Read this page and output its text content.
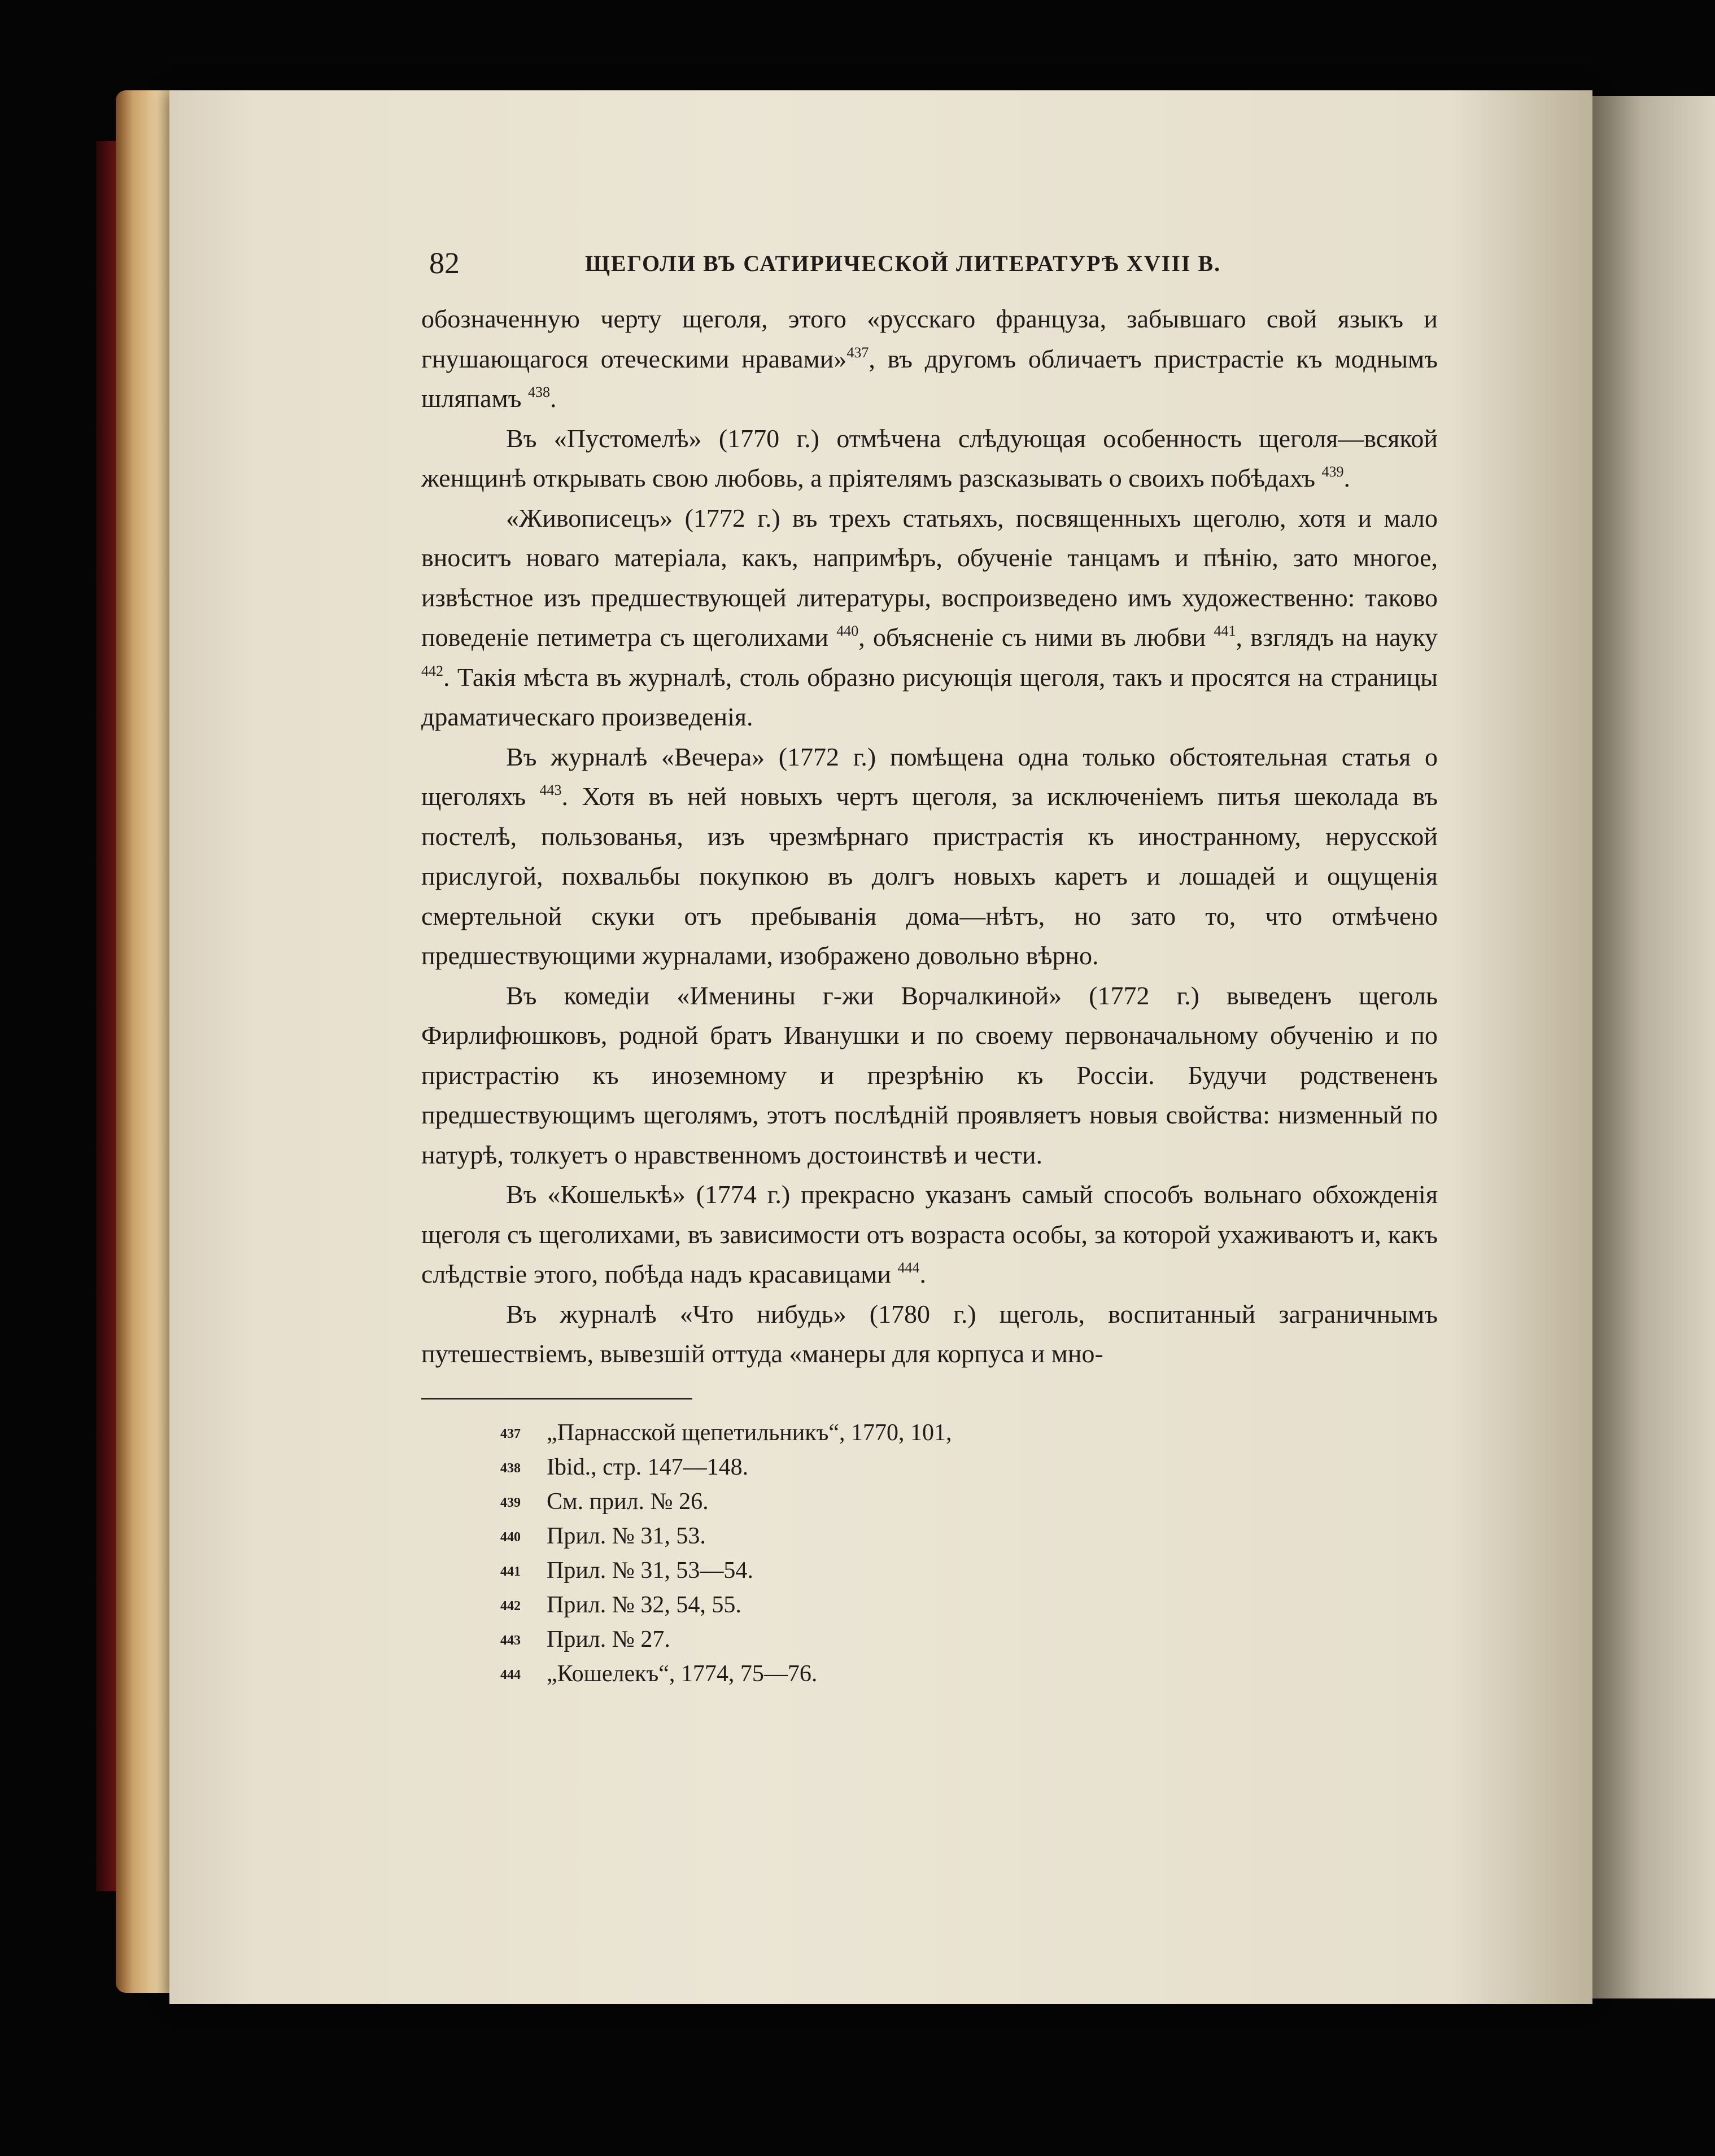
82	ЩЕГОЛИ ВЪ САТИРИЧЕСКОЙ ЛИТЕРАТУРѢ XVIII В.

обозначенную черту щеголя, этого «русскаго француза, забывшаго свой языкъ и гнушающагося отеческими нравами»$^{437}$, въ другомъ обличаетъ пристрастіе къ моднымъ шляпамъ $^{438}$.

Въ «Пустомелѣ» (1770 г.) отмѣчена слѣдующая особенность щеголя—всякой женщинѣ открывать свою любовь, а пріятелямъ разсказывать о своихъ побѣдахъ $^{439}$.

«Живописецъ» (1772 г.) въ трехъ статьяхъ, посвященныхъ щеголю, хотя и мало вноситъ новаго матеріала, какъ, напримѣръ, обученіе танцамъ и пѣнію, зато многое, извѣстное изъ предшествующей литературы, воспроизведено имъ художественно: таково поведеніе петиметра съ щеголихами $^{440}$, объясненіе съ ними въ любви $^{441}$, взглядъ на науку $^{442}$. Такія мѣста въ журналѣ, столь образно рисующія щеголя, такъ и просятся на страницы драматическаго произведенія.

Въ журналѣ «Вечера» (1772 г.) помѣщена одна только обстоятельная статья о щеголяхъ $^{443}$. Хотя въ ней новыхъ чертъ щеголя, за исключеніемъ питья шеколада въ постелѣ, пользованья, изъ чрезмѣрнаго пристрастія къ иностранному, нерусской прислугой, похвальбы покупкою въ долгъ новыхъ каретъ и лошадей и ощущенія смертельной скуки отъ пребыванія дома—нѣтъ, но зато то, что отмѣчено предшествующими журналами, изображено довольно вѣрно.

Въ комедіи «Именины г-жи Ворчалкиной» (1772 г.) выведенъ щеголь Фирлифюшковъ, родной братъ Иванушки и по своему первоначальному обученію и по пристрастію къ иноземному и презрѣнію къ Россіи. Будучи родствененъ предшествующимъ щеголямъ, этотъ послѣдній проявляетъ новыя свойства: низменный по натурѣ, толкуетъ о нравственномъ достоинствѣ и чести.

Въ «Кошелькѣ» (1774 г.) прекрасно указанъ самый способъ вольнаго обхожденія щеголя съ щеголихами, въ зависимости отъ возраста особы, за которой ухаживаютъ и, какъ слѣдствіе этого, побѣда надъ красавицами $^{444}$.

Въ журналѣ «Что нибудь» (1780 г.) щеголь, воспитанный заграничнымъ путешествіемъ, вывезшій оттуда «манеры для корпуса и мно-

437	„Парнасской щепетильникъ“, 1770, 101,
438	Ibid., стр. 147—148.
439	См. прил. № 26.
440	Прил. № 31, 53.
441	Прил. № 31, 53—54.
442	Прил. № 32, 54, 55.
443	Прил. № 27.
444	„Кошелекъ“, 1774, 75—76.
